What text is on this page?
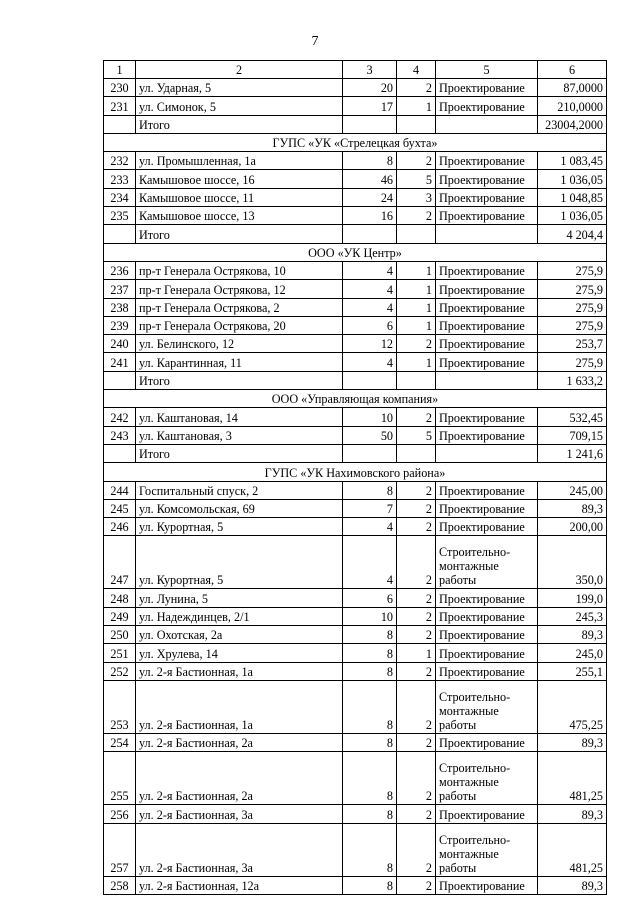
7
1	2	3	4	5	6
230	ул. Ударная, 5	20	2	Проектирование	87,0000
231	ул. Симонок, 5	17	1	Проектирование	210,0000
	Итого				23004,2000
ГУПС «УК «Стрелецкая бухта»					
232	ул. Промышленная, 1а	8	2	Проектирование	1 083,45
233	Камышовое шоссе, 16	46	5	Проектирование	1 036,05
234	Камышовое шоссе, 11	24	3	Проектирование	1 048,85
235	Камышовое шоссе, 13	16	2	Проектирование	1 036,05
	Итого				4 204,4
ООО «УК Центр»					
236	пр-т Генерала Острякова, 10	4	1	Проектирование	275,9
237	пр-т Генерала Острякова, 12	4	1	Проектирование	275,9
238	пр-т Генерала Острякова, 2	4	1	Проектирование	275,9
239	пр-т Генерала Острякова, 20	6	1	Проектирование	275,9
240	ул. Белинского, 12	12	2	Проектирование	253,7
241	ул. Карантинная, 11	4	1	Проектирование	275,9
	Итого				1 633,2
ООО «Управляющая компания»					
242	ул. Каштановая, 14	10	2	Проектирование	532,45
243	ул. Каштановая, 3	50	5	Проектирование	709,15
	Итого				1 241,6
ГУПС «УК Нахимовского района»					
244	Госпитальный спуск, 2	8	2	Проектирование	245,00
245	ул. Комсомольская, 69	7	2	Проектирование	89,3
246	ул. Курортная, 5	4	2	Проектирование	200,00
247	ул. Курортная, 5	4	2	Строительно-
монтажные
работы	350,0
248	ул. Лунина, 5	6	2	Проектирование	199,0
249	ул. Надеждинцев, 2/1	10	2	Проектирование	245,3
250	ул. Охотская, 2а	8	2	Проектирование	89,3
251	ул. Хрулева, 14	8	1	Проектирование	245,0
252	ул. 2-я Бастионная, 1а	8	2	Проектирование	255,1
253	ул. 2-я Бастионная, 1а	8	2	Строительно-
монтажные
работы	475,25
254	ул. 2-я Бастионная, 2а	8	2	Проектирование	89,3
255	ул. 2-я Бастионная, 2а	8	2	Строительно-
монтажные
работы	481,25
256	ул. 2-я Бастионная, 3а	8	2	Проектирование	89,3
257	ул. 2-я Бастионная, 3а	8	2	Строительно-
монтажные
работы	481,25
258	ул. 2-я Бастионная, 12а	8	2	Проектирование	89,3
